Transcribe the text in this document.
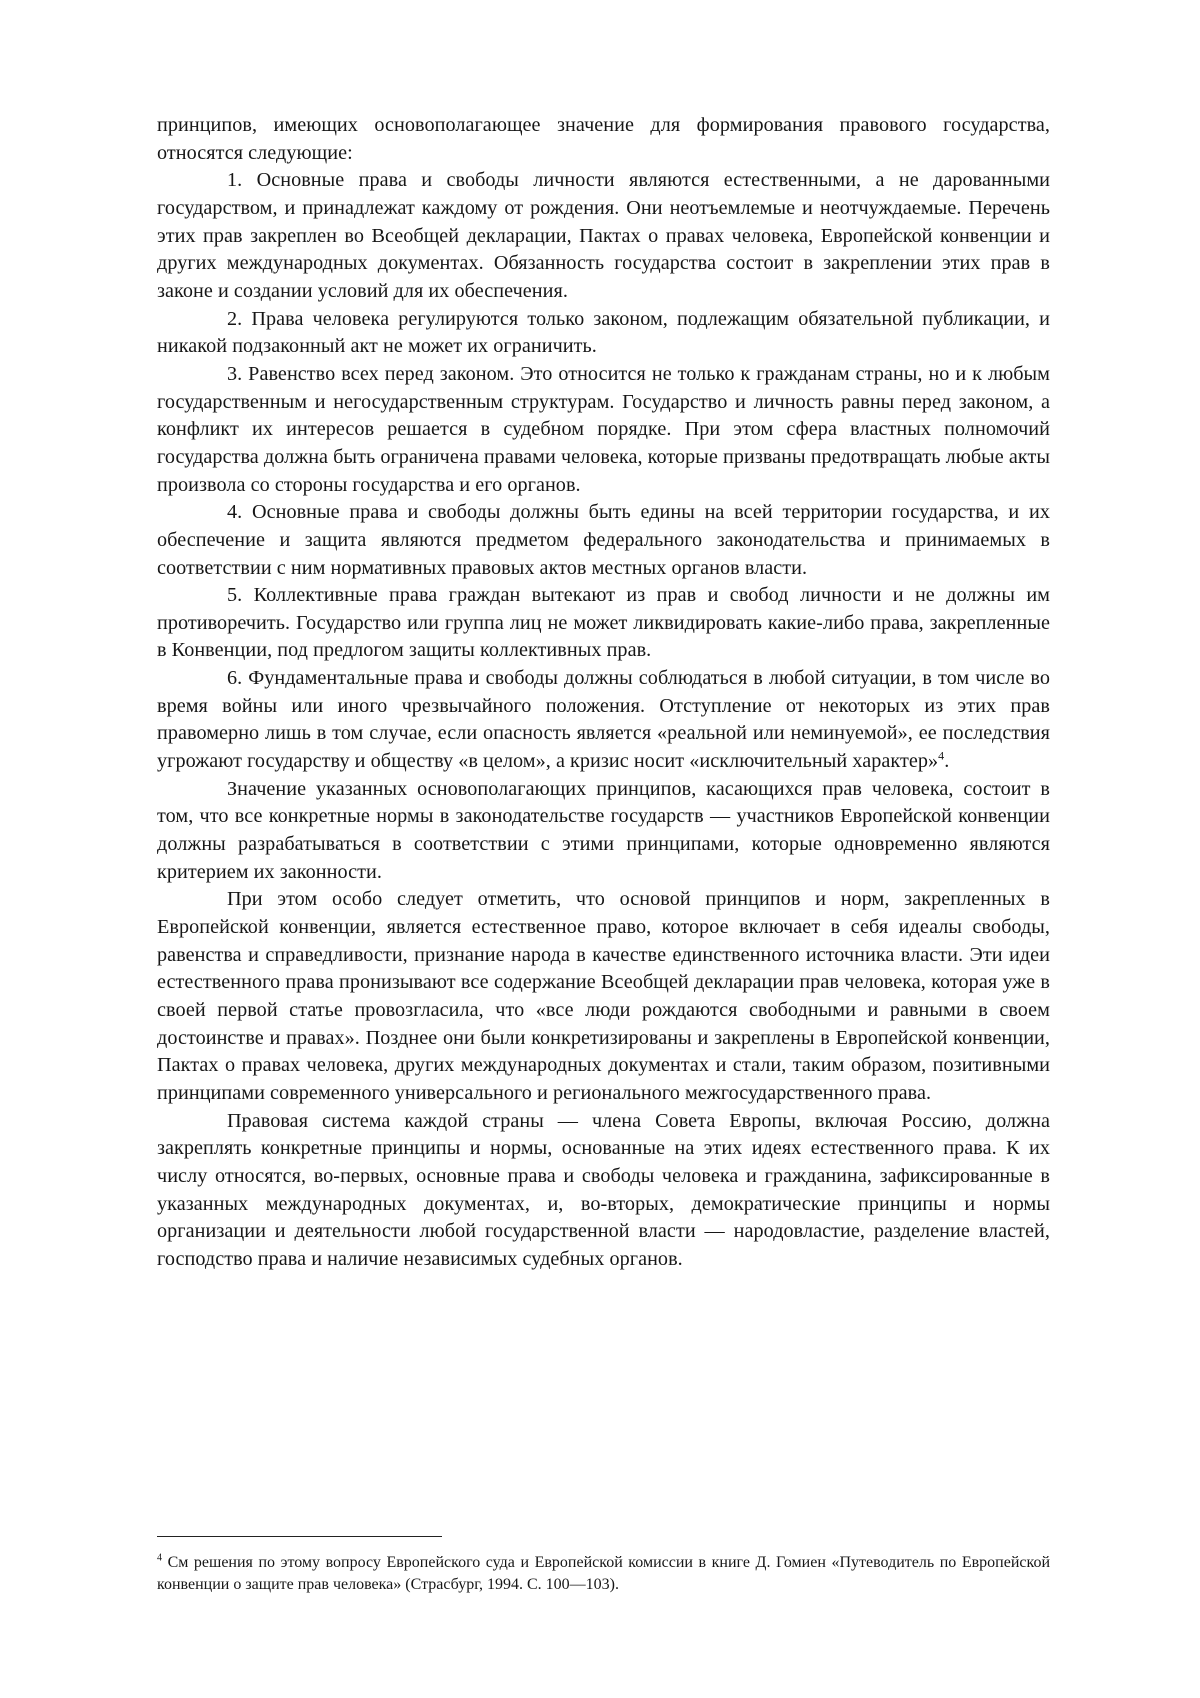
принципов, имеющих основополагающее значение для формирования правового государства, относятся следующие:

1. Основные права и свободы личности являются естественными, а не дарованными государством, и принадлежат каждому от рождения. Они неотъемлемые и неотчуждаемые. Перечень этих прав закреплен во Всеобщей декларации, Пактах о правах человека, Европейской конвенции и других международных документах. Обязанность государства состоит в закреплении этих прав в законе и создании условий для их обеспечения.

2. Права человека регулируются только законом, подлежащим обязательной публикации, и никакой подзаконный акт не может их ограничить.

3. Равенство всех перед законом. Это относится не только к гражданам страны, но и к любым государственным и негосударственным структурам. Государство и личность равны перед законом, а конфликт их интересов решается в судебном порядке. При этом сфера властных полномочий государства должна быть ограничена правами человека, которые призваны предотвращать любые акты произвола со стороны государства и его органов.

4. Основные права и свободы должны быть едины на всей территории государства, и их обеспечение и защита являются предметом федерального законодательства и принимаемых в соответствии с ним нормативных правовых актов местных органов власти.

5. Коллективные права граждан вытекают из прав и свобод личности и не должны им противоречить. Государство или группа лиц не может ликвидировать какие-либо права, закрепленные в Конвенции, под предлогом защиты коллективных прав.

6. Фундаментальные права и свободы должны соблюдаться в любой ситуации, в том числе во время войны или иного чрезвычайного положения. Отступление от некоторых из этих прав правомерно лишь в том случае, если опасность является «реальной или неминуемой», ее последствия угрожают государству и обществу «в целом», а кризис носит «исключительный характер»$^4$.

Значение указанных основополагающих принципов, касающихся прав человека, состоит в том, что все конкретные нормы в законодательстве государств — участников Европейской конвенции должны разрабатываться в соответствии с этими принципами, которые одновременно являются критерием их законности.

При этом особо следует отметить, что основой принципов и норм, закрепленных в Европейской конвенции, является естественное право, которое включает в себя идеалы свободы, равенства и справедливости, признание народа в качестве единственного источника власти. Эти идеи естественного права пронизывают все содержание Всеобщей декларации прав человека, которая уже в своей первой статье провозгласила, что «все люди рождаются свободными и равными в своем достоинстве и правах». Позднее они были конкретизированы и закреплены в Европейской конвенции, Пактах о правах человека, других международных документах и стали, таким образом, позитивными принципами современного универсального и регионального межгосударственного права.

Правовая система каждой страны — члена Совета Европы, включая Россию, должна закреплять конкретные принципы и нормы, основанные на этих идеях естественного права. К их числу относятся, во-первых, основные права и свободы человека и гражданина, зафиксированные в указанных международных документах, и, во-вторых, демократические принципы и нормы организации и деятельности любой государственной власти — народовластие, разделение властей, господство права и наличие независимых судебных органов.

$^4$ См решения по этому вопросу Европейского суда и Европейской комиссии в книге Д. Гомиен «Путеводитель по Европейской конвенции о защите прав человека» (Страсбург, 1994. С. 100—103).
